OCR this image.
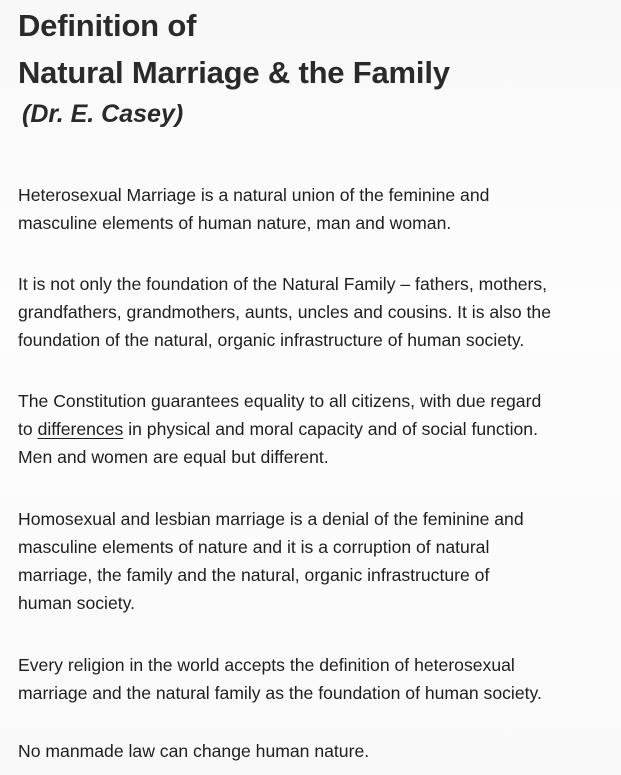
Definition of
Natural Marriage & the Family
(Dr. E. Casey)

Heterosexual Marriage is a natural union of the feminine and
masculine elements of human nature, man and woman.

It is not only the foundation of the Natural Family – fathers, mothers,
grandfathers, grandmothers, aunts, uncles and cousins. It is also the
foundation of the natural, organic infrastructure of human society.

The Constitution guarantees equality to all citizens, with due regard
to differences in physical and moral capacity and of social function.
Men and women are equal but different.

Homosexual and lesbian marriage is a denial of the feminine and
masculine elements of nature and it is a corruption of natural
marriage, the family and the natural, organic infrastructure of
human society.

Every religion in the world accepts the definition of heterosexual
marriage and the natural family as the foundation of human society.

No manmade law can change human nature.
